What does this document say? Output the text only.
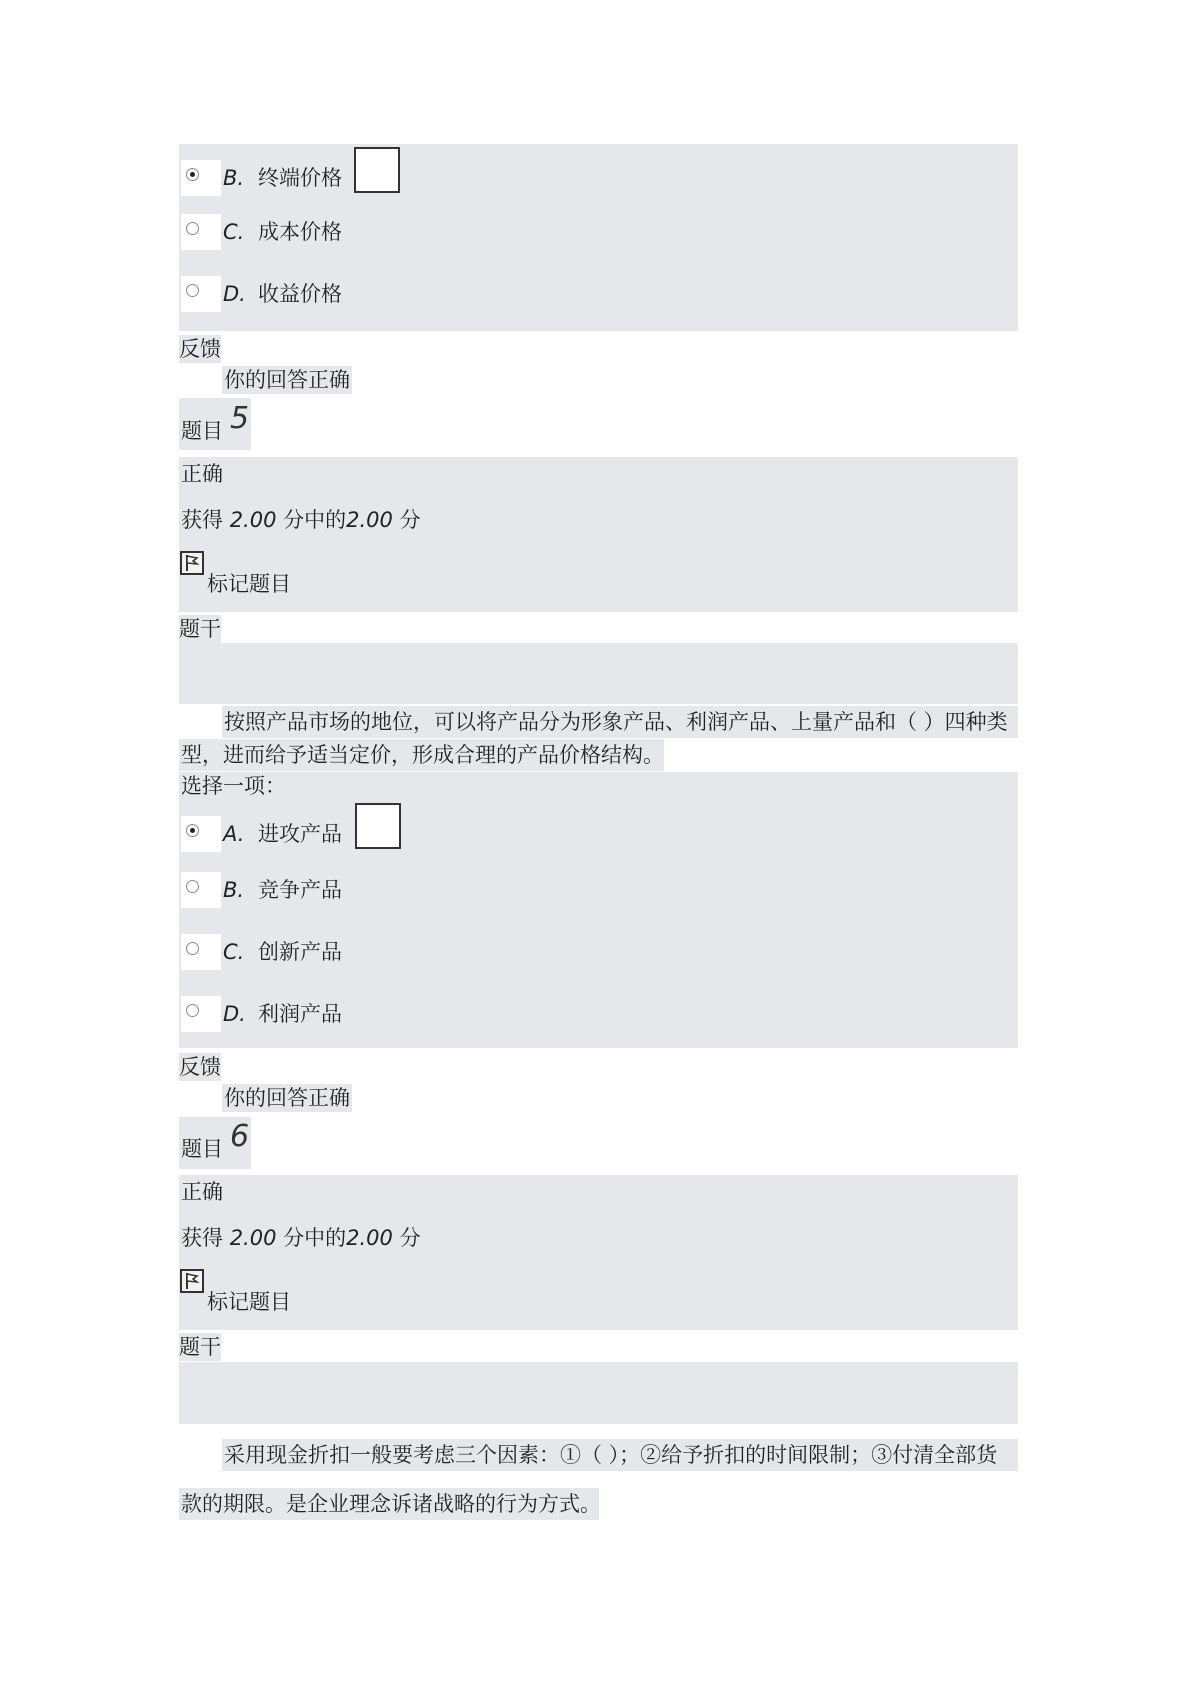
B. 终端价格
C. 成本价格
D. 收益价格
反馈
你的回答正确
题目 5
正确
获得 2.00 分中的2.00 分
标记题目
题干
按照产品市场的地位，可以将产品分为形象产品、利润产品、上量产品和（ ）四种类
型，进而给予适当定价，形成合理的产品价格结构。
选择一项：
A. 进攻产品
B. 竞争产品
C. 创新产品
D. 利润产品
反馈
你的回答正确
题目 6
正确
获得 2.00 分中的2.00 分
标记题目
题干
采用现金折扣一般要考虑三个因素：①（ ）；②给予折扣的时间限制；③付清全部货
款的期限。是企业理念诉诸战略的行为方式。
